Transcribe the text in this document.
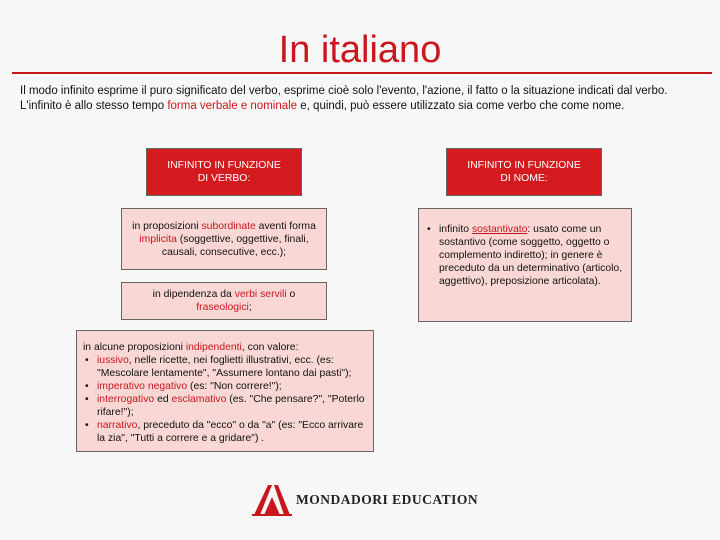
In italiano
Il modo infinito esprime il puro significato del verbo, esprime cioè solo l'evento, l'azione, il fatto o la situazione indicati dal verbo.
L'infinito è allo stesso tempo forma verbale e nominale e, quindi, può essere utilizzato sia come verbo che come nome.
INFINITO IN FUNZIONE
DI VERBO:
in proposizioni subordinate aventi forma implicita (soggettive, oggettive, finali, causali, consecutive, ecc.);
in dipendenza da verbi servili o fraseologici;
in alcune proposizioni indipendenti, con valore:
• iussivo, nelle ricette, nei foglietti illustrativi, ecc. (es: "Mescolare lentamente", "Assumere lontano dai pasti");
• imperativo negativo (es: "Non correre!");
• interrogativo ed esclamativo (es. "Che pensare?", "Poterlo rifare!");
• narrativo, preceduto da "ecco" o da "a" (es: "Ecco arrivare la zia", "Tutti a correre e a gridare") .
INFINITO IN FUNZIONE
DI NOME:
• infinito sostantivato: usato come un sostantivo (come soggetto, oggetto o complemento indiretto); in genere è preceduto da un determinativo (articolo, aggettivo), preposizione articolata).
MONDADORI EDUCATION
